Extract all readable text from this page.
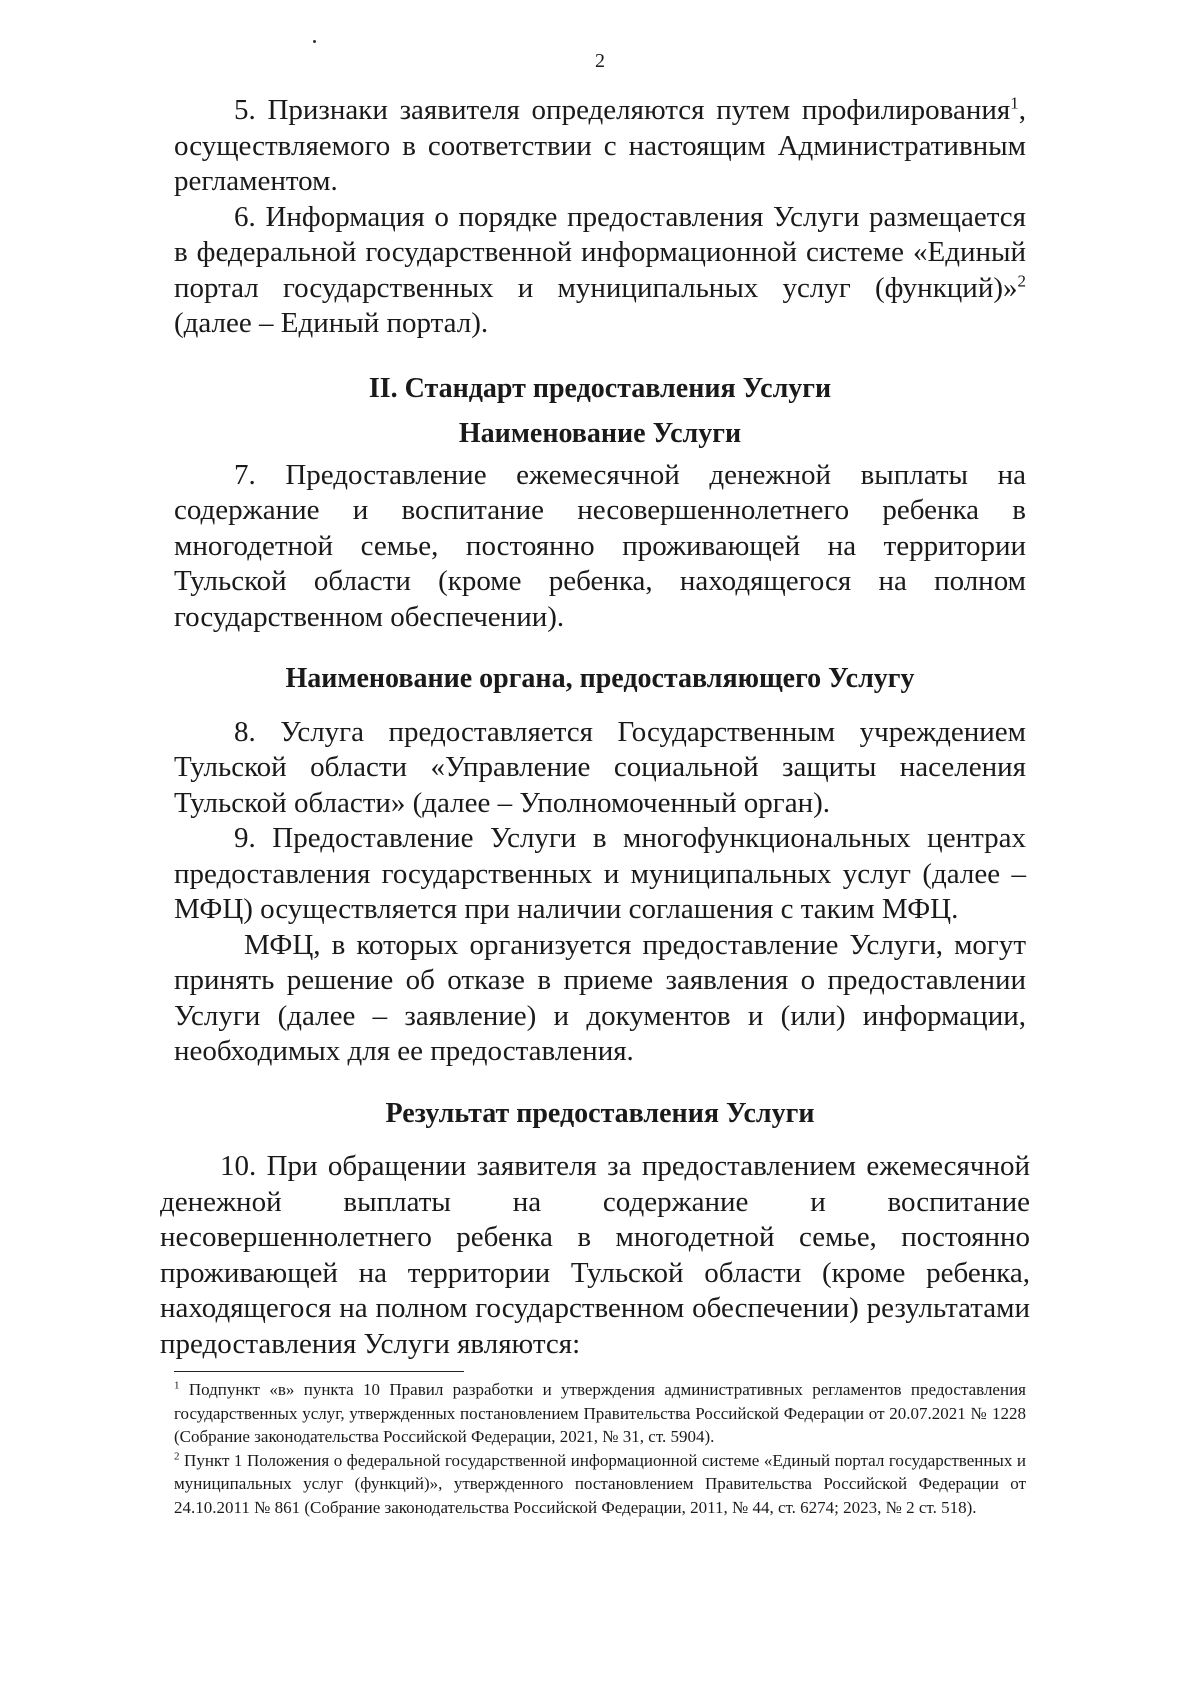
2

5. Признаки заявителя определяются путем профилирования$^1$, осуществляемого в соответствии с настоящим Административным регламентом.

6. Информация о порядке предоставления Услуги размещается в федеральной государственной информационной системе «Единый портал государственных и муниципальных услуг (функций)»$^2$ (далее – Единый портал).

II. Стандарт предоставления Услуги

Наименование Услуги

7. Предоставление ежемесячной денежной выплаты на содержание и воспитание несовершеннолетнего ребенка в многодетной семье, постоянно проживающей на территории Тульской области (кроме ребенка, находящегося на полном государственном обеспечении).

Наименование органа, предоставляющего Услугу

8. Услуга предоставляется Государственным учреждением Тульской области «Управление социальной защиты населения Тульской области» (далее – Уполномоченный орган).

9. Предоставление Услуги в многофункциональных центрах предоставления государственных и муниципальных услуг (далее – МФЦ) осуществляется при наличии соглашения с таким МФЦ.

МФЦ, в которых организуется предоставление Услуги, могут принять решение об отказе в приеме заявления о предоставлении Услуги (далее – заявление) и документов и (или) информации, необходимых для ее предоставления.

Результат предоставления Услуги

10. При обращении заявителя за предоставлением ежемесячной денежной выплаты на содержание и воспитание несовершеннолетнего ребенка в многодетной семье, постоянно проживающей на территории Тульской области (кроме ребенка, находящегося на полном государственном обеспечении) результатами предоставления Услуги являются:

$^1$ Подпункт «в» пункта 10 Правил разработки и утверждения административных регламентов предоставления государственных услуг, утвержденных постановлением Правительства Российской Федерации от 20.07.2021 № 1228 (Собрание законодательства Российской Федерации, 2021, № 31, ст. 5904).

$^2$ Пункт 1 Положения о федеральной государственной информационной системе «Единый портал государственных и муниципальных услуг (функций)», утвержденного постановлением Правительства Российской Федерации от 24.10.2011 № 861 (Собрание законодательства Российской Федерации, 2011, № 44, ст. 6274; 2023, № 2 ст. 518).
